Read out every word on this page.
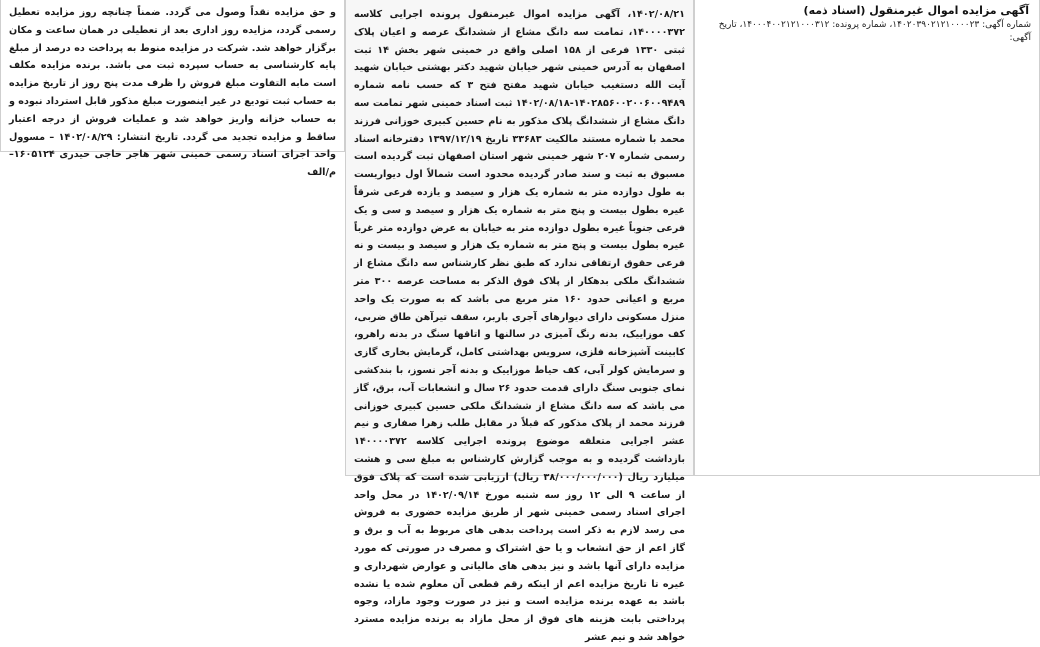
آگهی مزایده اموال غیرمنقول (اسناد ذمه)
شماره آگهی: ۱۴۰۲۰۳۹۰۲۱۲۱۰۰۰۰۲۳، شماره پرونده: ۱۴۰۰۰۴۰۰۲۱۲۱۰۰۰۳۱۲، تاریخ آگهی:
۱۴۰۲/۰۸/۲۱، آگهی مزایده اموال غیرمنقول پرونده اجرایی کلاسه ۱۴۰۰۰۰۳۷۲، تمامت سه دانگ مشاع از ششدانگ عرصه و اعیان پلاک ثبتی ۱۳۳۰ فرعی از ۱۵۸ اصلی واقع در خمینی شهر بخش ۱۴ ثبت اصفهان به آدرس خمینی شهر خیابان شهید دکتر بهشتی خیابان شهید آیت الله دستغیب خیابان شهید مفتح فتح ۳ که حسب نامه شماره ۱۴۰۲۸۵۶۰۰۲۰۰۶۰۰۹۴۸۹-۱۴۰۲/۰۸/۱۸ ثبت اسناد خمینی شهر تمامت سه دانگ مشاع از ششدانگ پلاک مذکور به نام حسین کبیری خوزانی فرزند محمد با شماره مستند مالکیت ۳۳۶۸۳ تاریخ ۱۳۹۷/۱۲/۱۹ دفترخانه اسناد رسمی شماره ۲۰۷ شهر خمینی شهر استان اصفهان ثبت گردیده است مسبوق به ثبت و سند صادر گردیده محدود است شمالاً اول دیواریست به طول دوازده متر به شماره یک هزار و سیصد و یازده فرعی شرقاً غیره بطول بیست و پنج متر به شماره یک هزار و سیصد و سی و یک فرعی جنوباً غیره بطول دوازده متر به خیابان به عرض دوازده متر غرباً غیره بطول بیست و پنج متر به شماره یک هزار و سیصد و بیست و نه فرعی حقوق ارتفاقی ندارد که طبق نظر کارشناس سه دانگ مشاع از ششدانگ ملکی بدهکار از پلاک فوق الذکر به مساحت عرصه ۳۰۰ متر مربع و اعیانی حدود ۱۶۰ متر مربع می باشد که به صورت یک واحد منزل مسکونی دارای دیوارهای آجری باربر، سقف تیرآهن طاق ضربی، کف موزاییک، بدنه رنگ آمیزی در سالنها و اتاقها سنگ در بدنه راهرو، کابینت آشپزخانه فلزی، سرویس بهداشتی کامل، گرمایش بخاری گازی و سرمایش کولر آبی، کف حیاط موزاییک و بدنه آجر نسوز، با بندکشی نمای جنوبی سنگ دارای قدمت حدود ۲۶ سال و انشعابات آب، برق، گاز می باشد که سه دانگ مشاع از ششدانگ ملکی حسین کبیری خوزانی فرزند محمد از پلاک مذکور که قبلاً در مقابل طلب زهرا صفاری و نیم عشر اجرایی متعلقه موضوع پرونده اجرایی کلاسه ۱۴۰۰۰۰۳۷۲ بازداشت گردیده و به موجب گزارش کارشناس به مبلغ سی و هشت میلیارد ریال (۳۸/۰۰۰/۰۰۰/۰۰۰ ریال) ارزیابی شده است که پلاک فوق از ساعت ۹ الی ۱۲ روز سه شنبه مورخ ۱۴۰۲/۰۹/۱۴ در محل واحد اجرای اسناد رسمی خمینی شهر از طریق مزایده حضوری به فروش می رسد لازم به ذکر است پرداخت بدهی های مربوط به آب و برق و گاز اعم از حق انشعاب و یا حق اشتراک و مصرف در صورتی که مورد مزایده دارای آنها باشد و نیز بدهی های مالیاتی و عوارض شهرداری و غیره تا تاریخ مزایده اعم از اینکه رقم قطعی آن معلوم شده یا نشده باشد به عهده برنده مزایده است و نیز در صورت وجود مازاد، وجوه پرداختی بابت هزینه های فوق از محل مازاد به برنده مزایده مسترد خواهد شد و نیم عشر
و حق مزایده نقداً وصول می گردد. ضمناً چنانچه روز مزایده تعطیل رسمی گردد، مزایده روز اداری بعد از تعطیلی در همان ساعت و مکان برگزار خواهد شد. شرکت در مزایده منوط به پرداخت ده درصد از مبلغ پایه کارشناسی به حساب سپرده ثبت می باشد. برنده مزایده مکلف است مابه التفاوت مبلغ فروش را ظرف مدت پنج روز از تاریخ مزایده به حساب ثبت تودیع در غیر اینصورت مبلغ مذکور قابل استرداد نبوده و به حساب خزانه واریز خواهد شد و عملیات فروش از درجه اعتبار ساقط و مزایده تجدید می گردد. تاریخ انتشار: ۱۴۰۲/۰۸/۲۹ – مسوول واحد اجرای اسناد رسمی خمینی شهر هاجر حاجی حیدری ۱۶۰۵۱۲۴– م/الف
